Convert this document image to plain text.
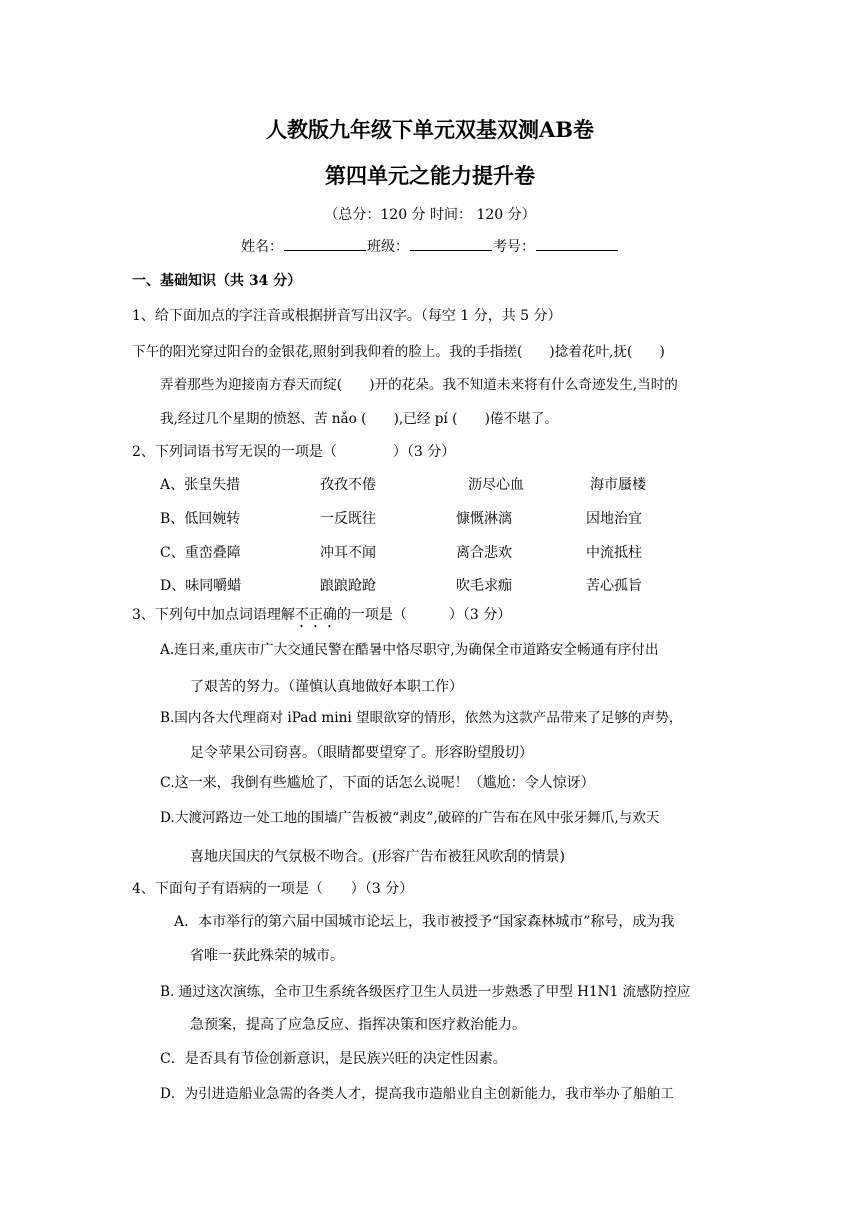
人教版九年级下单元双基双测AB卷
第四单元之能力提升卷
（总分：120 分 时间： 120 分）
姓名：	班级：	考号：
一、基础知识（共 34 分）
1、给下面加点的字注音或根据拼音写出汉字。（每空 1 分，共 5 分）
下午的阳光穿过阳台的金银花,照射到我仰着的脸上。我的手指搓(　　)捻着花叶,抚(　　)
弄着那些为迎接南方春天而绽(　　)开的花朵。我不知道未来将有什么奇迹发生,当时的
我,经过几个星期的愤怒、苦 nǎo (　　),已经 pí (　　)倦不堪了。
2、下列词语书写无误的一项是（　　　　）（3 分）
A、张皇失措	孜孜不倦	沥尽心血	海市蜃楼
B、低回婉转	一反既往	慷慨淋漓	因地治宜
C、重峦叠障	冲耳不闻	离合悲欢	中流抵柱
D、味同嚼蜡	踉踉跄跄	吹毛求痂	苦心孤旨
3、下列句中加点词语理解不正确的一项是（　　　）（3 分）
A.连日来,重庆市广大交通民警在酷暑中恪尽职守,为确保全市道路安全畅通有序付出
了艰苦的努力。（谨慎认真地做好本职工作）
B.国内各大代理商对 iPad mini 望眼欲穿的情形，依然为这款产品带来了足够的声势，
足令苹果公司窃喜。（眼睛都要望穿了。形容盼望殷切）
C.这一来，我倒有些尴尬了，下面的话怎么说呢！（尴尬：令人惊讶）
D.大渡河路边一处工地的围墙广告板被“剥皮”,破碎的广告布在风中张牙舞爪,与欢天
喜地庆国庆的气氛极不吻合。(形容广告布被狂风吹刮的情景)
4、下面句子有语病的一项是（　　）（3 分）
A．本市举行的第六届中国城市论坛上，我市被授予“国家森林城市”称号，成为我
省唯一获此殊荣的城市。
B. 通过这次演练，全市卫生系统各级医疗卫生人员进一步熟悉了甲型 H1N1 流感防控应
急预案，提高了应急反应、指挥决策和医疗救治能力。
C．是否具有节俭创新意识，是民族兴旺的决定性因素。
D．为引进造船业急需的各类人才，提高我市造船业自主创新能力，我市举办了船舶工
